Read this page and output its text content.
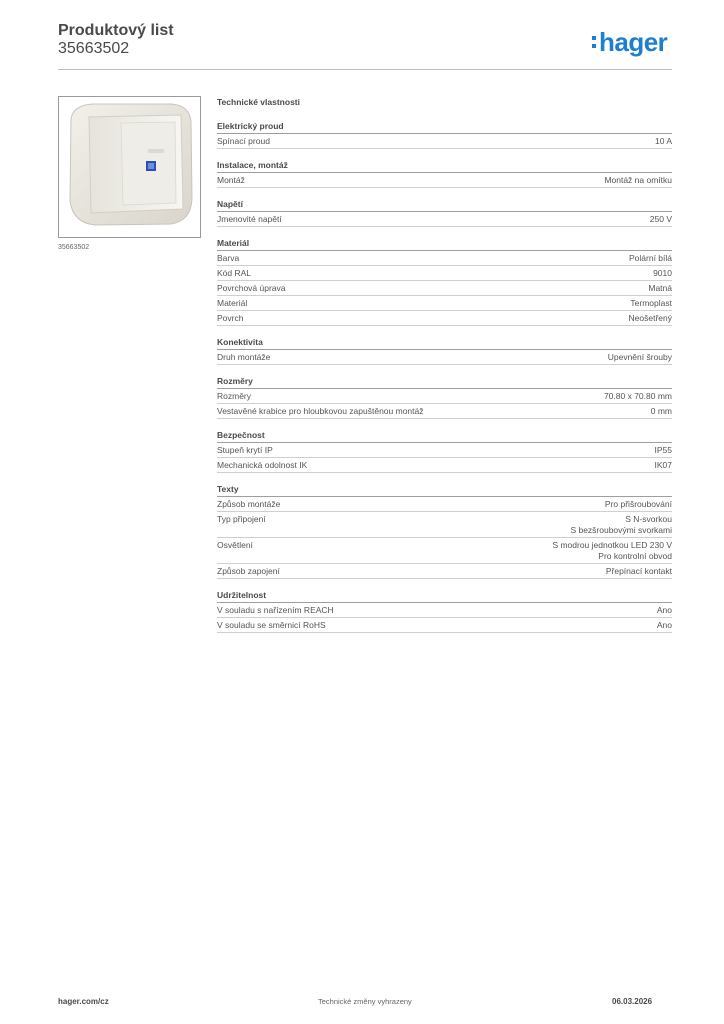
Produktový list
35663502	hager
35663502
Technické vlastnosti
Elektrický proud
Spínací proud	10 A
Instalace, montáž
Montáž	Montáž na omítku
Napětí
Jmenovité napětí	250 V
Materiál
Barva	Polární bílá
Kód RAL	9010
Povrchová úprava	Matná
Materiál	Termoplast
Povrch	Neošetřený
Konektivita
Druh montáže	Upevnění šrouby
Rozměry
Rozměry	70.80 x 70.80 mm
Vestavěné krabice pro hloubkovou zapuštěnou montáž	0 mm
Bezpečnost
Stupeň krytí IP	IP55
Mechanická odolnost IK	IK07
Texty
Způsob montáže	Pro přišroubování
Typ připojení	S N-svorkou
S bezšroubovými svorkami
Osvětlení	S modrou jednotkou LED 230 V
Pro kontrolní obvod
Způsob zapojení	Přepínací kontakt
Udržitelnost
V souladu s nařízením REACH	Ano
V souladu se směrnicí RoHS	Ano
hager.com/cz	Technické změny vyhrazeny	06.03.2026
